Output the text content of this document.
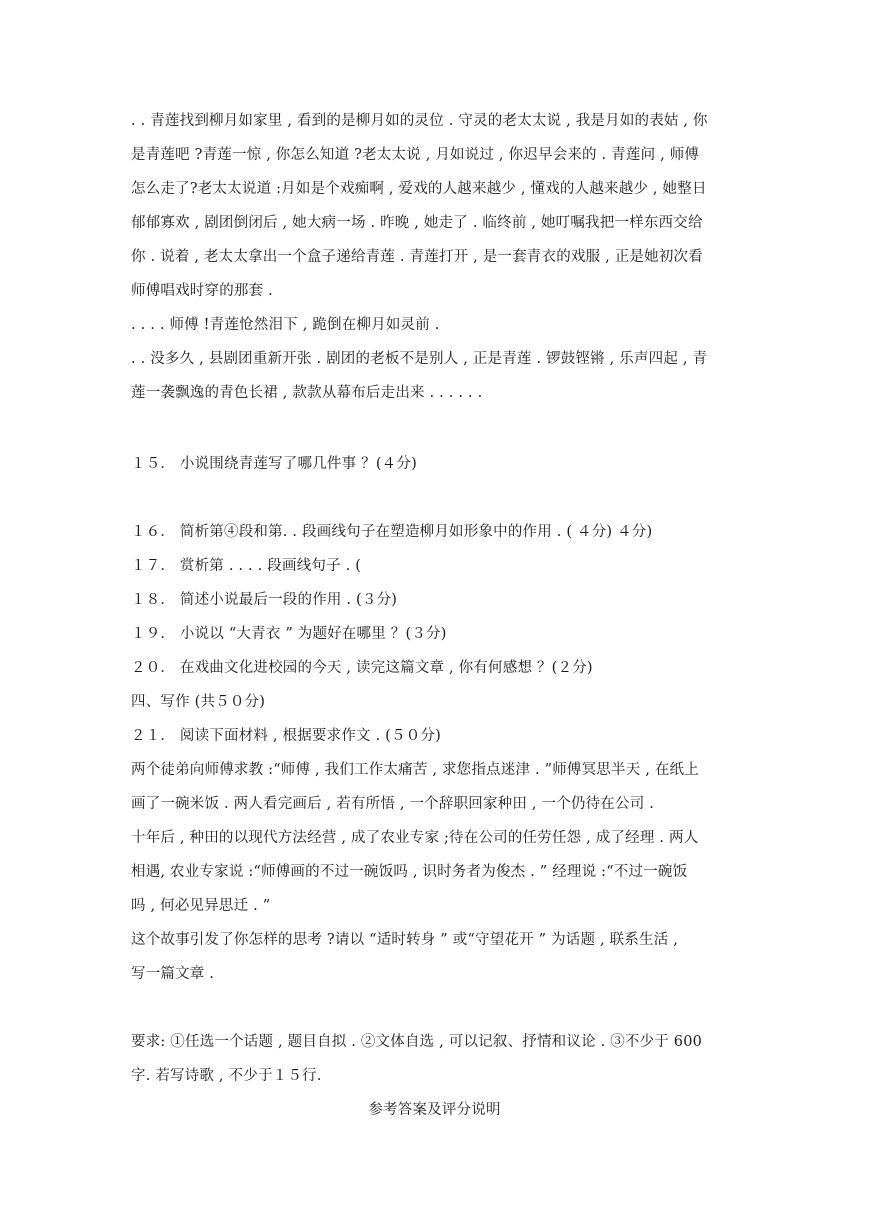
. . 青莲找到柳月如家里 , 看到的是柳月如的灵位 . 守灵的老太太说 , 我是月如的表姑 , 你
是青莲吧 ?青莲一惊 , 你怎么知道 ?老太太说 , 月如说过 , 你迟早会来的 . 青莲问 , 师傅
怎么走了?老太太说道 :月如是个戏痴啊 , 爱戏的人越来越少 , 懂戏的人越来越少 , 她整日
郁郁寡欢 , 剧团倒闭后 , 她大病一场 . 昨晚 , 她走了 . 临终前 , 她叮嘱我把一样东西交给
你 . 说着 , 老太太拿出一个盒子递给青莲 . 青莲打开 , 是一套青衣的戏服 , 正是她初次看
师傅唱戏时穿的那套 .
. . . . 师傅 !青莲怆然泪下 , 跪倒在柳月如灵前 .
. . 没多久 , 县剧团重新开张 . 剧团的老板不是别人 , 正是青莲 . 锣鼓铿锵 , 乐声四起 , 青
莲一袭飘逸的青色长裙 , 款款从幕布后走出来 . . . . . .
１５． 小说围绕青莲写了哪几件事 ？(４分)
１６． 简析第④段和第. . 段画线句子在塑造柳月如形象中的作用 . ( ４分) ４分)
１７． 赏析第 . . . . 段画线句子 . (
１８． 简述小说最后一段的作用 . (３分)
１９． 小说以 “大青衣 ” 为题好在哪里 ？(３分)
２０． 在戏曲文化进校园的今天 , 读完这篇文章 , 你有何感想 ？(２分)
四、写作 (共５０分)
２１． 阅读下面材料 , 根据要求作文 . (５０分)
两个徒弟向师傅求教 :“师傅 , 我们工作太痛苦 , 求您指点迷津 . ”师傅冥思半天 , 在纸上
画了一碗米饭 . 两人看完画后 , 若有所悟 , 一个辞职回家种田 , 一个仍待在公司 .
十年后 , 种田的以现代方法经营 , 成了农业专家 ;待在公司的任劳任怨 , 成了经理 . 两人
相遇, 农业专家说 :“师傅画的不过一碗饭吗 , 识时务者为俊杰 . ” 经理说 :“不过一碗饭
吗 , 何必见异思迁 . ”
这个故事引发了你怎样的思考 ?请以 “适时转身 ” 或“守望花开 ” 为话题 , 联系生活 ,
写一篇文章 .
要求: ①任选一个话题 , 题目自拟 . ②文体自选 , 可以记叙、抒情和议论 . ③不少于 600
字. 若写诗歌 , 不少于１５行.
参考答案及评分说明
